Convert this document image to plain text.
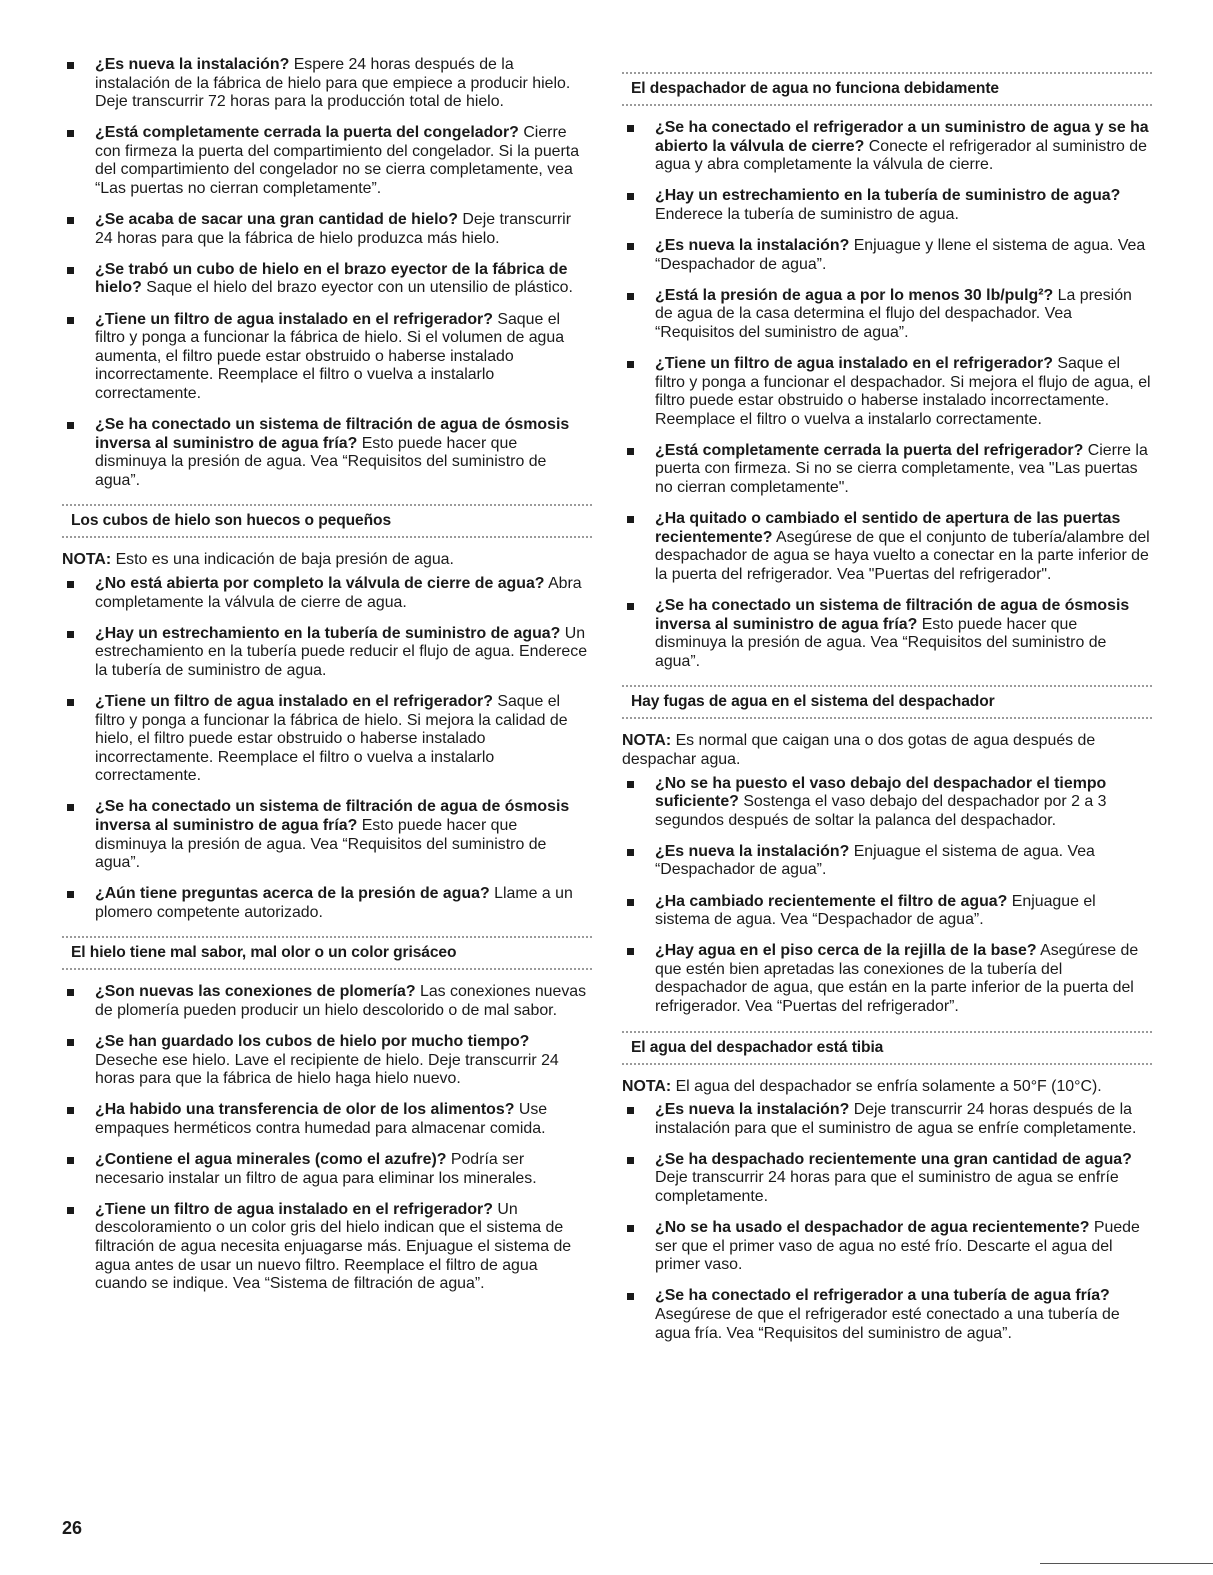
¿Es nueva la instalación? Espere 24 horas después de la instalación de la fábrica de hielo para que empiece a producir hielo. Deje transcurrir 72 horas para la producción total de hielo.
¿Está completamente cerrada la puerta del congelador? Cierre con firmeza la puerta del compartimiento del congelador. Si la puerta del compartimiento del congelador no se cierra completamente, vea “Las puertas no cierran completamente”.
¿Se acaba de sacar una gran cantidad de hielo? Deje transcurrir 24 horas para que la fábrica de hielo produzca más hielo.
¿Se trabó un cubo de hielo en el brazo eyector de la fábrica de hielo? Saque el hielo del brazo eyector con un utensilio de plástico.
¿Tiene un filtro de agua instalado en el refrigerador? Saque el filtro y ponga a funcionar la fábrica de hielo. Si el volumen de agua aumenta, el filtro puede estar obstruido o haberse instalado incorrectamente. Reemplace el filtro o vuelva a instalarlo correctamente.
¿Se ha conectado un sistema de filtración de agua de ósmosis inversa al suministro de agua fría? Esto puede hacer que disminuya la presión de agua. Vea “Requisitos del suministro de agua”.
Los cubos de hielo son huecos o pequeños
NOTA: Esto es una indicación de baja presión de agua.
¿No está abierta por completo la válvula de cierre de agua? Abra completamente la válvula de cierre de agua.
¿Hay un estrechamiento en la tubería de suministro de agua? Un estrechamiento en la tubería puede reducir el flujo de agua. Enderece la tubería de suministro de agua.
¿Tiene un filtro de agua instalado en el refrigerador? Saque el filtro y ponga a funcionar la fábrica de hielo. Si mejora la calidad de hielo, el filtro puede estar obstruido o haberse instalado incorrectamente. Reemplace el filtro o vuelva a instalarlo correctamente.
¿Se ha conectado un sistema de filtración de agua de ósmosis inversa al suministro de agua fría? Esto puede hacer que disminuya la presión de agua. Vea “Requisitos del suministro de agua”.
¿Aún tiene preguntas acerca de la presión de agua? Llame a un plomero competente autorizado.
El hielo tiene mal sabor, mal olor o un color grisáceo
¿Son nuevas las conexiones de plomería? Las conexiones nuevas de plomería pueden producir un hielo descolorido o de mal sabor.
¿Se han guardado los cubos de hielo por mucho tiempo? Deseche ese hielo. Lave el recipiente de hielo. Deje transcurrir 24 horas para que la fábrica de hielo haga hielo nuevo.
¿Ha habido una transferencia de olor de los alimentos? Use empaques herméticos contra humedad para almacenar comida.
¿Contiene el agua minerales (como el azufre)? Podría ser necesario instalar un filtro de agua para eliminar los minerales.
¿Tiene un filtro de agua instalado en el refrigerador? Un descoloramiento o un color gris del hielo indican que el sistema de filtración de agua necesita enjuagarse más. Enjuague el sistema de agua antes de usar un nuevo filtro. Reemplace el filtro de agua cuando se indique. Vea “Sistema de filtración de agua”.
El despachador de agua no funciona debidamente
¿Se ha conectado el refrigerador a un suministro de agua y se ha abierto la válvula de cierre? Conecte el refrigerador al suministro de agua y abra completamente la válvula de cierre.
¿Hay un estrechamiento en la tubería de suministro de agua? Enderece la tubería de suministro de agua.
¿Es nueva la instalación? Enjuague y llene el sistema de agua. Vea “Despachador de agua”.
¿Está la presión de agua a por lo menos 30 lb/pulg²? La presión de agua de la casa determina el flujo del despachador. Vea “Requisitos del suministro de agua”.
¿Tiene un filtro de agua instalado en el refrigerador? Saque el filtro y ponga a funcionar el despachador. Si mejora el flujo de agua, el filtro puede estar obstruido o haberse instalado incorrectamente. Reemplace el filtro o vuelva a instalarlo correctamente.
¿Está completamente cerrada la puerta del refrigerador? Cierre la puerta con firmeza. Si no se cierra completamente, vea "Las puertas no cierran completamente".
¿Ha quitado o cambiado el sentido de apertura de las puertas recientemente? Asegúrese de que el conjunto de tubería/alambre del despachador de agua se haya vuelto a conectar en la parte inferior de la puerta del refrigerador. Vea "Puertas del refrigerador".
¿Se ha conectado un sistema de filtración de agua de ósmosis inversa al suministro de agua fría? Esto puede hacer que disminuya la presión de agua. Vea “Requisitos del suministro de agua”.
Hay fugas de agua en el sistema del despachador
NOTA: Es normal que caigan una o dos gotas de agua después de despachar agua.
¿No se ha puesto el vaso debajo del despachador el tiempo suficiente? Sostenga el vaso debajo del despachador por 2 a 3 segundos después de soltar la palanca del despachador.
¿Es nueva la instalación? Enjuague el sistema de agua. Vea “Despachador de agua”.
¿Ha cambiado recientemente el filtro de agua? Enjuague el sistema de agua. Vea “Despachador de agua”.
¿Hay agua en el piso cerca de la rejilla de la base? Asegúrese de que estén bien apretadas las conexiones de la tubería del despachador de agua, que están en la parte inferior de la puerta del refrigerador. Vea “Puertas del refrigerador”.
El agua del despachador está tibia
NOTA: El agua del despachador se enfría solamente a 50°F (10°C).
¿Es nueva la instalación? Deje transcurrir 24 horas después de la instalación para que el suministro de agua se enfríe completamente.
¿Se ha despachado recientemente una gran cantidad de agua? Deje transcurrir 24 horas para que el suministro de agua se enfríe completamente.
¿No se ha usado el despachador de agua recientemente? Puede ser que el primer vaso de agua no esté frío. Descarte el agua del primer vaso.
¿Se ha conectado el refrigerador a una tubería de agua fría? Asegúrese de que el refrigerador esté conectado a una tubería de agua fría. Vea “Requisitos del suministro de agua”.
26
